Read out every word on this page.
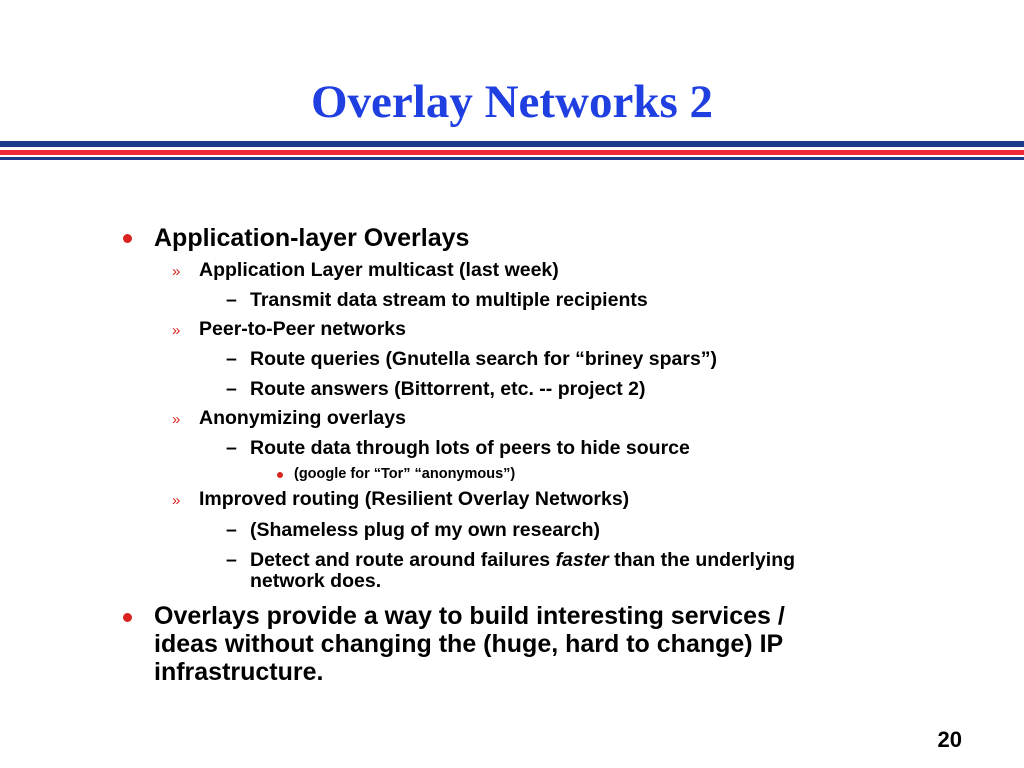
Overlay Networks 2
Application-layer Overlays
» Application Layer multicast (last week)
– Transmit data stream to multiple recipients
» Peer-to-Peer networks
– Route queries (Gnutella search for “briney spars”)
– Route answers (Bittorrent, etc. -- project 2)
» Anonymizing overlays
– Route data through lots of peers to hide source
(google for “Tor” “anonymous”)
» Improved routing (Resilient Overlay Networks)
– (Shameless plug of my own research)
– Detect and route around failures faster than the underlying
network does.
Overlays provide a way to build interesting services /
ideas without changing the (huge, hard to change) IP
infrastructure.
20
